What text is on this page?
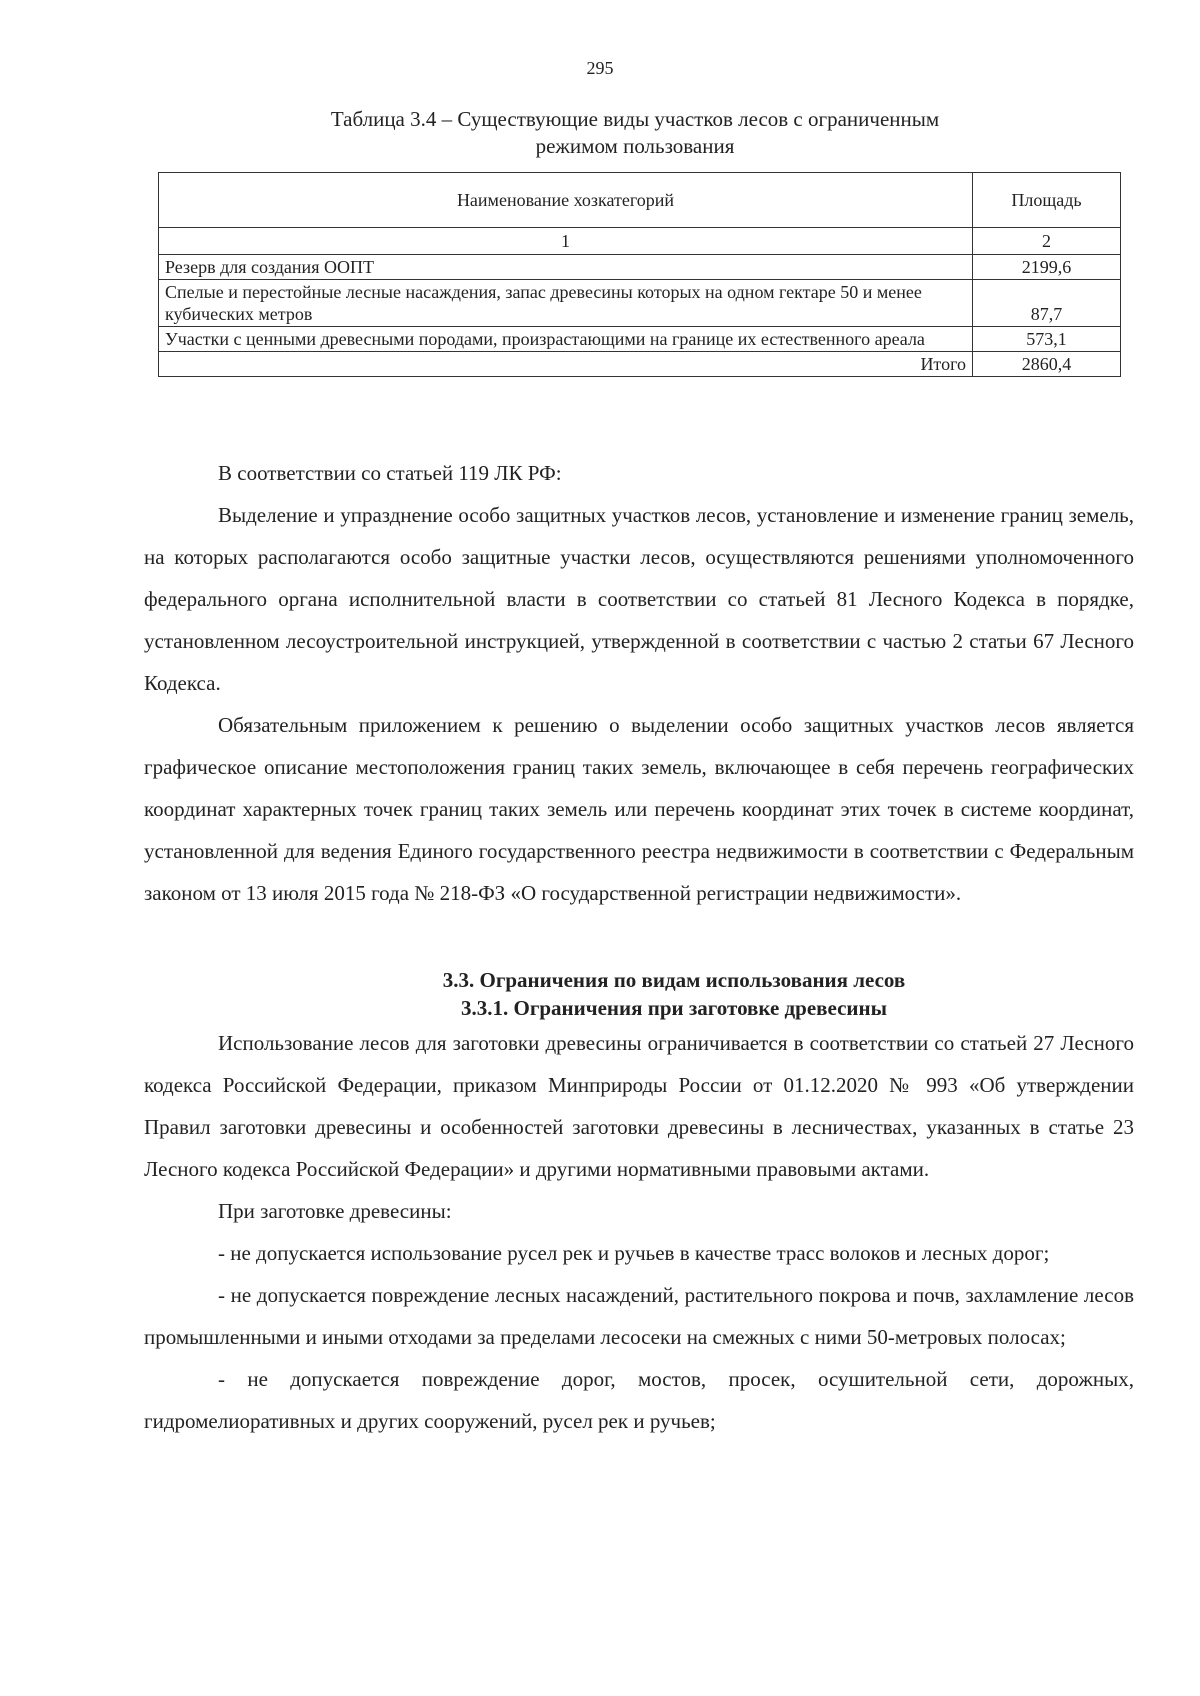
295
Таблица 3.4 – Существующие виды участков лесов с ограниченным
режимом пользования
Наименование хозкатегорий	Площадь
1	2
Резерв для создания ООПТ	2199,6
Спелые и перестойные лесные насаждения, запас древесины которых на одном гектаре 50 и менее кубических метров	87,7
Участки с ценными древесными породами, произрастающими на границе их естественного ареала	573,1
Итого	2860,4

В соответствии со статьей 119 ЛК РФ:

Выделение и упразднение особо защитных участков лесов, установление и изменение границ земель, на которых располагаются особо защитные участки лесов, осуществляются решениями уполномоченного федерального органа исполнительной власти в соответствии со статьей 81 Лесного Кодекса в порядке, установленном лесоустроительной инструкцией, утвержденной в соответствии с частью 2 статьи 67 Лесного Кодекса.

Обязательным приложением к решению о выделении особо защитных участков лесов является графическое описание местоположения границ таких земель, включающее в себя перечень географических координат характерных точек границ таких земель или перечень координат этих точек в системе координат, установленной для ведения Единого государственного реестра недвижимости в соответствии с Федеральным законом от 13 июля 2015 года № 218-ФЗ «О государственной регистрации недвижимости».

3.3. Ограничения по видам использования лесов

3.3.1. Ограничения при заготовке древесины

Использование лесов для заготовки древесины ограничивается в соответствии со статьей 27 Лесного кодекса Российской Федерации, приказом Минприроды России от 01.12.2020 № 993 «Об утверждении Правил заготовки древесины и особенностей заготовки древесины в лесничествах, указанных в статье 23 Лесного кодекса Российской Федерации» и другими нормативными правовыми актами.

При заготовке древесины:

- не допускается использование русел рек и ручьев в качестве трасс волоков и лесных дорог;

- не допускается повреждение лесных насаждений, растительного покрова и почв, захламление лесов промышленными и иными отходами за пределами лесосеки на смежных с ними 50-метровых полосах;

- не допускается повреждение дорог, мостов, просек, осушительной сети, дорожных, гидромелиоративных и других сооружений, русел рек и ручьев;
